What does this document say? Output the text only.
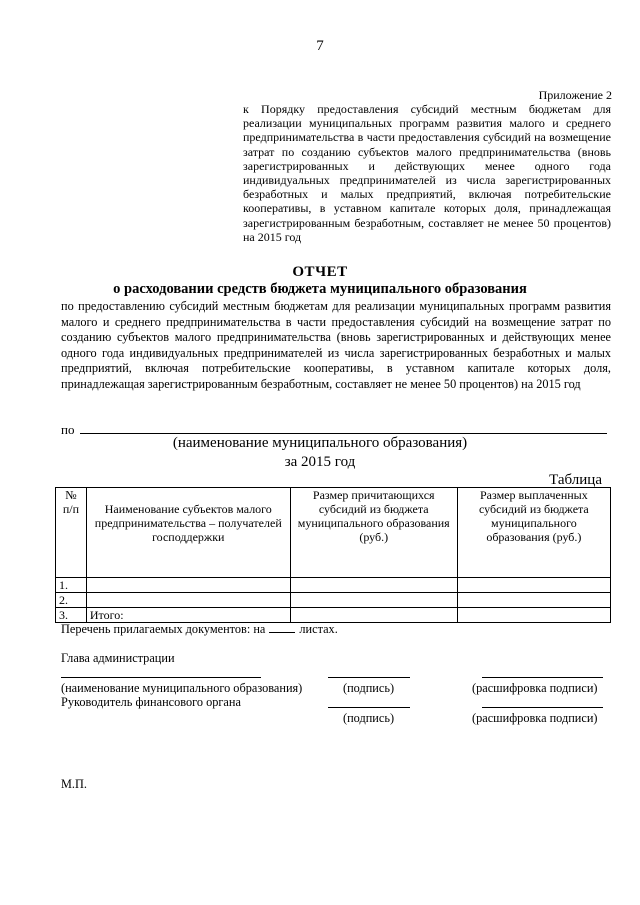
7
Приложение 2
к Порядку предоставления субсидий местным бюджетам для реализации муниципальных программ развития малого и среднего предпринимательства в части предоставления субсидий на возмещение затрат по созданию субъектов малого предпринимательства (вновь зарегистрированных и действующих менее одного года индивидуальных предпринимателей из числа зарегистрированных безработных и малых предприятий, включая потребительские кооперативы, в уставном капитале которых доля, принадлежащая зарегистрированным безработным, составляет не менее 50 процентов) на 2015 год
ОТЧЕТ
о расходовании средств бюджета муниципального образования
по предоставлению субсидий местным бюджетам для реализации муниципальных программ развития малого и среднего предпринимательства в части предоставления субсидий на возмещение затрат по созданию субъектов малого предпринимательства (вновь зарегистрированных и действующих менее одного года индивидуальных предпринимателей из числа зарегистрированных безработных и малых предприятий, включая потребительские кооперативы, в уставном капитале которых доля, принадлежащая зарегистрированным безработным, составляет не менее 50 процентов) на 2015 год
по
(наименование муниципального образования)
за 2015 год
Таблица
№ п/п	Наименование субъектов малого предпринимательства – получателей господдержки	Размер причитающихся субсидий из бюджета муниципального образования (руб.)	Размер выплаченных субсидий из бюджета муниципального образования (руб.)
1.			
2.			
3.	Итого:		
Перечень прилагаемых документов: на	листах.
Глава администрации
(наименование муниципального образования)	(подпись)	(расшифровка подписи)
Руководитель финансового органа
(подпись)	(расшифровка подписи)
М.П.
